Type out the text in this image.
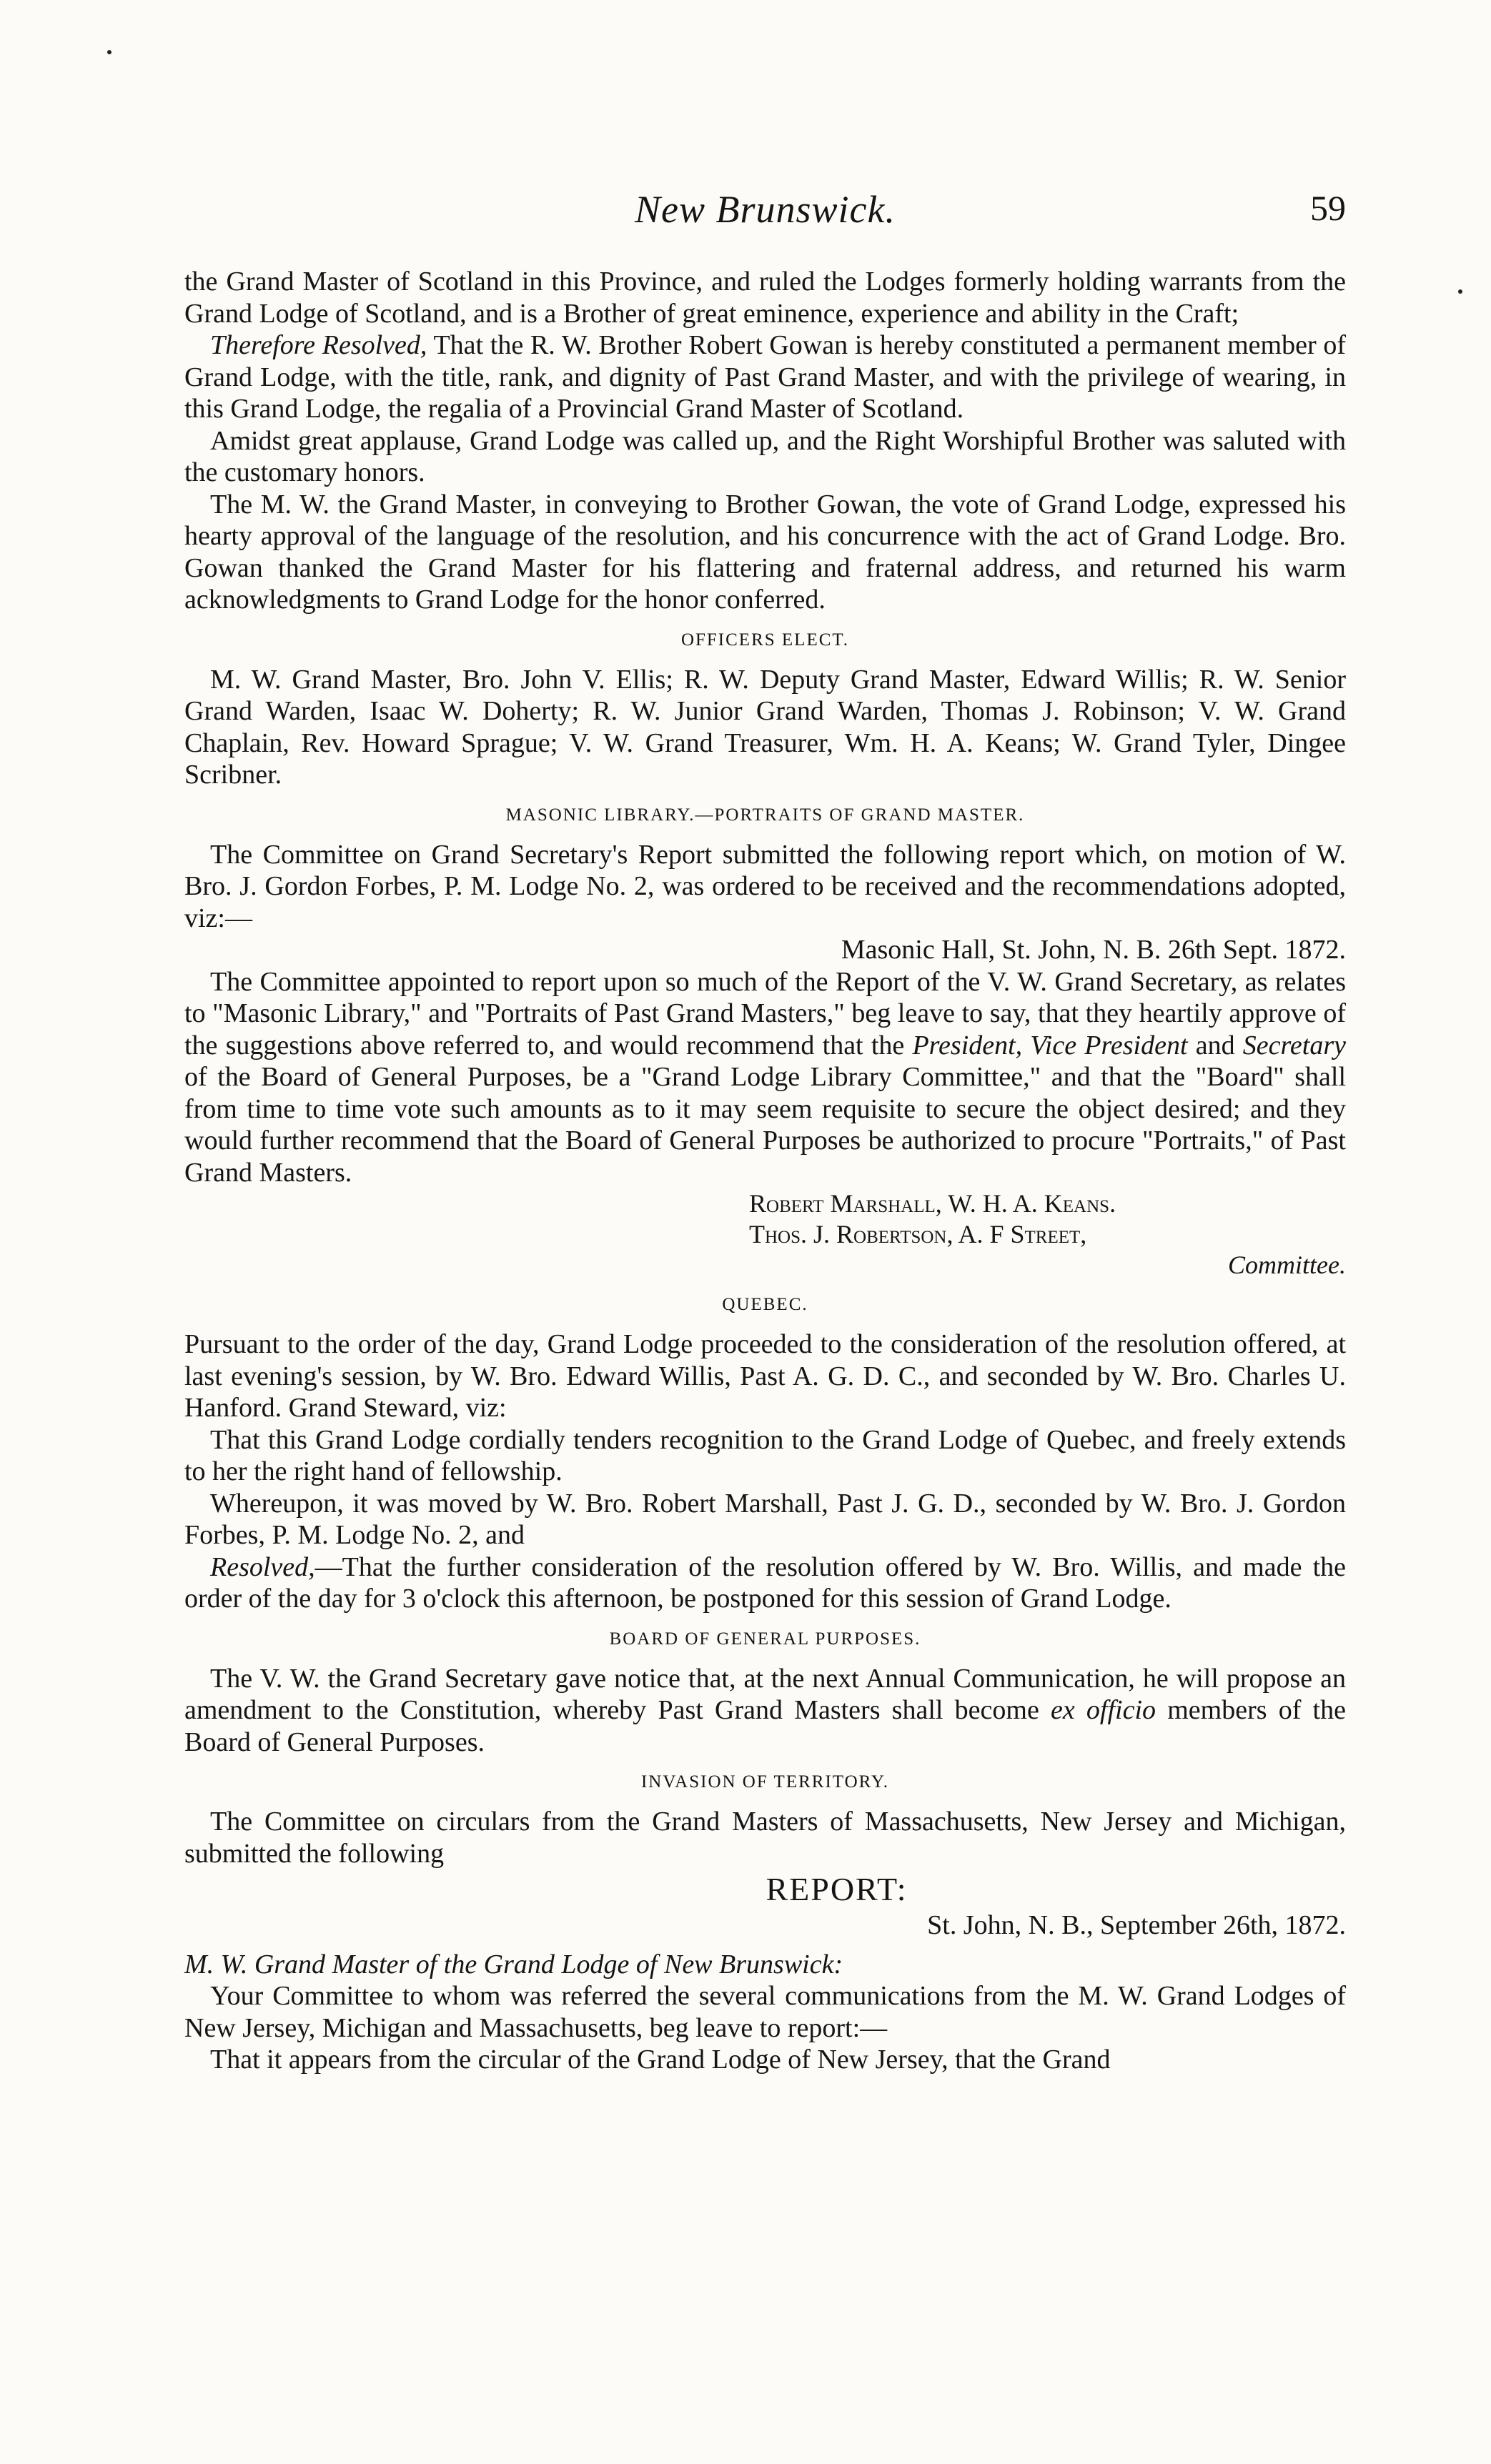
New Brunswick.	59

the Grand Master of Scotland in this Province, and ruled the Lodges formerly holding warrants from the Grand Lodge of Scotland, and is a Brother of great eminence, experience and ability in the Craft;

Therefore Resolved, That the R. W. Brother Robert Gowan is hereby constituted a permanent member of Grand Lodge, with the title, rank, and dignity of Past Grand Master, and with the privilege of wearing, in this Grand Lodge, the regalia of a Provincial Grand Master of Scotland.

Amidst great applause, Grand Lodge was called up, and the Right Worshipful Brother was saluted with the customary honors.

The M. W. the Grand Master, in conveying to Brother Gowan, the vote of Grand Lodge, expressed his hearty approval of the language of the resolution, and his concurrence with the act of Grand Lodge. Bro. Gowan thanked the Grand Master for his flattering and fraternal address, and returned his warm acknowledgments to Grand Lodge for the honor conferred.

OFFICERS ELECT.

M. W. Grand Master, Bro. John V. Ellis; R. W. Deputy Grand Master, Edward Willis; R. W. Senior Grand Warden, Isaac W. Doherty; R. W. Junior Grand Warden, Thomas J. Robinson; V. W. Grand Chaplain, Rev. Howard Sprague; V. W. Grand Treasurer, Wm. H. A. Keans; W. Grand Tyler, Dingee Scribner.

MASONIC LIBRARY.—PORTRAITS OF GRAND MASTER.

The Committee on Grand Secretary's Report submitted the following report which, on motion of W. Bro. J. Gordon Forbes, P. M. Lodge No. 2, was ordered to be received and the recommendations adopted, viz:—

Masonic Hall, St. John, N. B. 26th Sept. 1872.

The Committee appointed to report upon so much of the Report of the V. W. Grand Secretary, as relates to "Masonic Library," and "Portraits of Past Grand Masters," beg leave to say, that they heartily approve of the suggestions above referred to, and would recommend that the President, Vice President and Secretary of the Board of General Purposes, be a "Grand Lodge Library Committee," and that the "Board" shall from time to time vote such amounts as to it may seem requisite to secure the object desired; and they would further recommend that the Board of General Purposes be authorized to procure "Portraits," of Past Grand Masters.

Robert Marshall, W. H. A. Keans.
Thos. J. Robertson, A. F Street,
Committee.
QUEBEC.

Pursuant to the order of the day, Grand Lodge proceeded to the consideration of the resolution offered, at last evening's session, by W. Bro. Edward Willis, Past A. G. D. C., and seconded by W. Bro. Charles U. Hanford. Grand Steward, viz:

That this Grand Lodge cordially tenders recognition to the Grand Lodge of Quebec, and freely extends to her the right hand of fellowship.

Whereupon, it was moved by W. Bro. Robert Marshall, Past J. G. D., seconded by W. Bro. J. Gordon Forbes, P. M. Lodge No. 2, and

Resolved,—That the further consideration of the resolution offered by W. Bro. Willis, and made the order of the day for 3 o'clock this afternoon, be postponed for this session of Grand Lodge.

BOARD OF GENERAL PURPOSES.

The V. W. the Grand Secretary gave notice that, at the next Annual Communication, he will propose an amendment to the Constitution, whereby Past Grand Masters shall become ex officio members of the Board of General Purposes.

INVASION OF TERRITORY.

The Committee on circulars from the Grand Masters of Massachusetts, New Jersey and Michigan, submitted the following

REPORT:

St. John, N. B., September 26th, 1872.

M. W. Grand Master of the Grand Lodge of New Brunswick:

Your Committee to whom was referred the several communications from the M. W. Grand Lodges of New Jersey, Michigan and Massachusetts, beg leave to report:—

That it appears from the circular of the Grand Lodge of New Jersey, that the Grand
